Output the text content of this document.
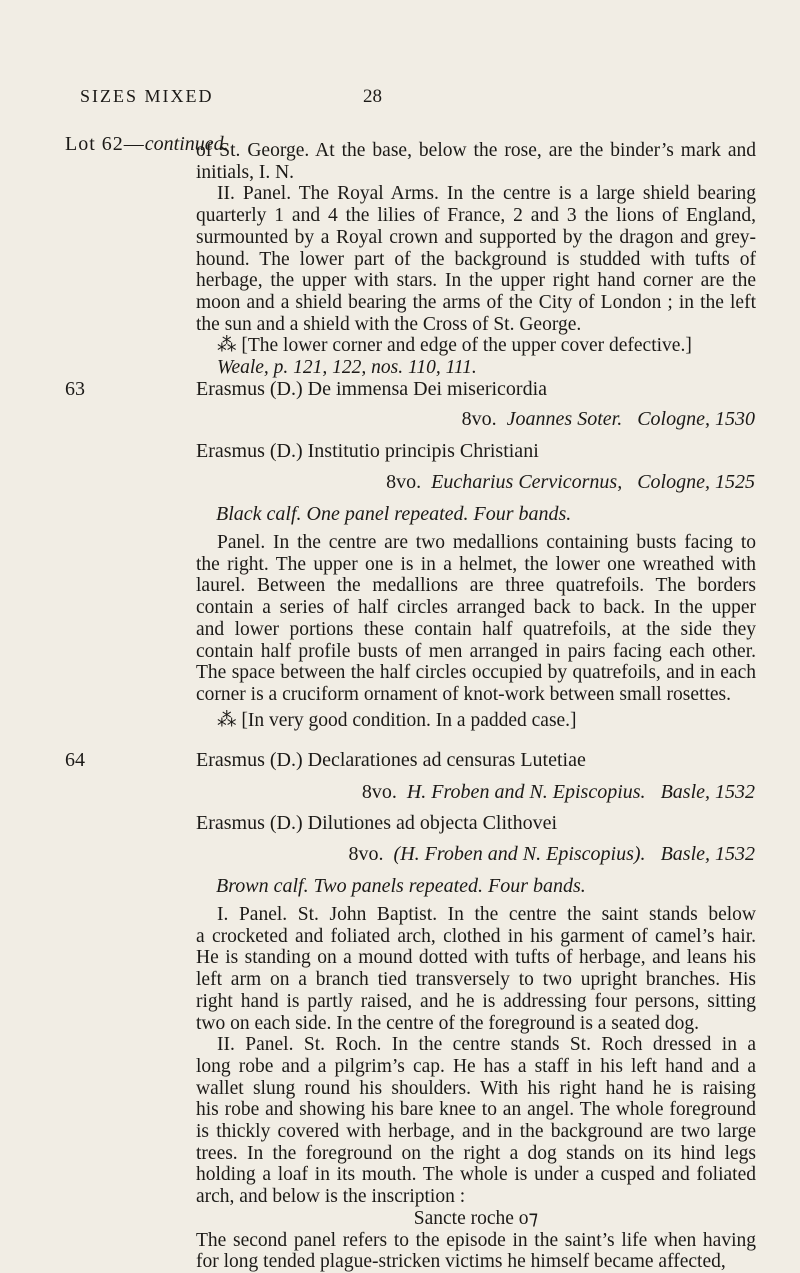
SIZES MIXED	28
Lot 62—continued.
of St. George. At the base, below the rose, are the binder’s mark and
initials, I. N.
II. Panel. The Royal Arms. In the centre is a large shield bearing
quarterly 1 and 4 the lilies of France, 2 and 3 the lions of England,
surmounted by a Royal crown and supported by the dragon and grey-
hound. The lower part of the background is studded with tufts of
herbage, the upper with stars. In the upper right hand corner are the
moon and a shield bearing the arms of the City of London ; in the left
the sun and a shield with the Cross of St. George.
⁂ [The lower corner and edge of the upper cover defective.]
Weale, p. 121, 122, nos. 110, 111.
63	Erasmus (D.) De immensa Dei misericordia
8vo. Joannes Soter. Cologne, 1530
Erasmus (D.) Institutio principis Christiani
8vo. Eucharius Cervicornus, Cologne, 1525
Black calf. One panel repeated. Four bands.
Panel. In the centre are two medallions containing busts facing to
the right. The upper one is in a helmet, the lower one wreathed with
laurel. Between the medallions are three quatrefoils. The borders
contain a series of half circles arranged back to back. In the upper
and lower portions these contain half quatrefoils, at the side they
contain half profile busts of men arranged in pairs facing each other.
The space between the half circles occupied by quatrefoils, and in each
corner is a cruciform ornament of knot-work between small rosettes.
⁂ [In very good condition. In a padded case.]
64	Erasmus (D.) Declarationes ad censuras Lutetiae
8vo. H. Froben and N. Episcopius. Basle, 1532
Erasmus (D.) Dilutiones ad objecta Clithovei
8vo. (H. Froben and N. Episcopius). Basle, 1532
Brown calf. Two panels repeated. Four bands.
I. Panel. St. John Baptist. In the centre the saint stands below
a crocketed and foliated arch, clothed in his garment of camel’s hair.
He is standing on a mound dotted with tufts of herbage, and leans his
left arm on a branch tied transversely to two upright branches. His
right hand is partly raised, and he is addressing four persons, sitting
two on each side. In the centre of the foreground is a seated dog.
II. Panel. St. Roch. In the centre stands St. Roch dressed in a
long robe and a pilgrim’s cap. He has a staff in his left hand and a
wallet slung round his shoulders. With his right hand he is raising
his robe and showing his bare knee to an angel. The whole foreground
is thickly covered with herbage, and in the background are two large
trees. In the foreground on the right a dog stands on its hind legs
holding a loaf in its mouth. The whole is under a cusped and foliated
arch, and below is the inscription :
Sancte roche o⁊
The second panel refers to the episode in the saint’s life when having
for long tended plague-stricken victims he himself became affected,
